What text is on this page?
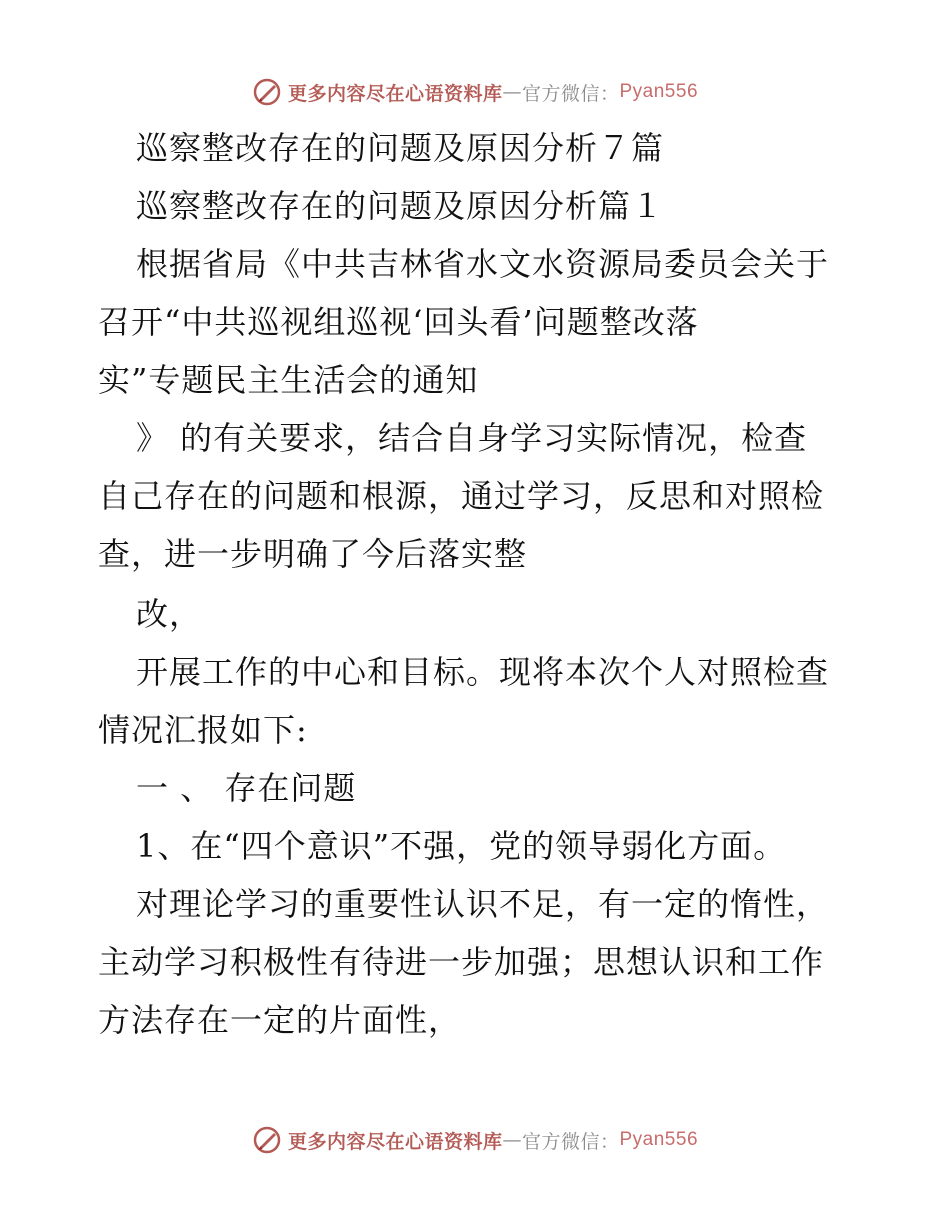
更多内容尽在心语资料库 — 官方微信： Pyan556
巡察整改存在的问题及原因分析７篇
巡察整改存在的问题及原因分析篇１
根据省局《中共吉林省水文水资源局委员会关于
召开“中共巡视组巡视‘回头看’问题整改落
实”专题民主生活会的通知
》 的有关要求，结合自身学习实际情况，检查
自己存在的问题和根源，通过学习，反思和对照检
查，进一步明确了今后落实整
改，
开展工作的中心和目标。现将本次个人对照检查
情况汇报如下:
一 、 存在问题
1、在“四个意识”不强，党的领导弱化方面。
对理论学习的重要性认识不足，有一定的惰性，
主动学习积极性有待进一步加强；思想认识和工作
方法存在一定的片面性，
更多内容尽在心语资料库 — 官方微信： Pyan556
